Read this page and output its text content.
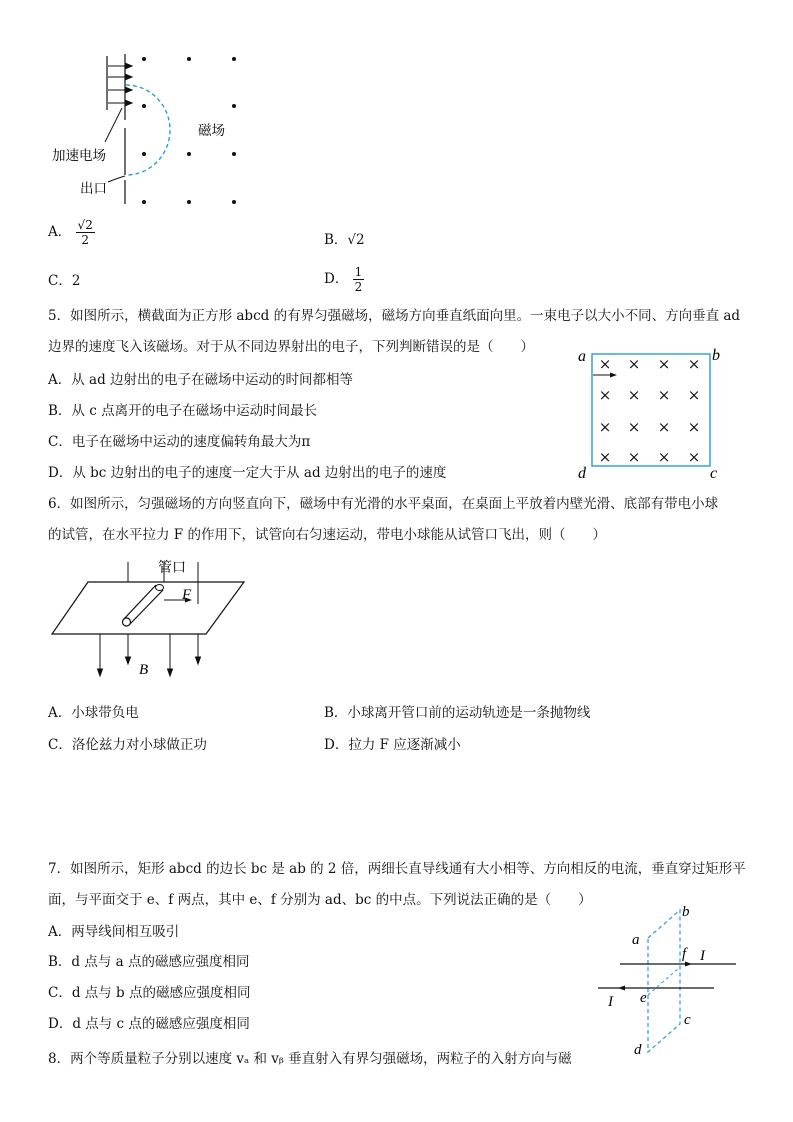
加速电场
出口
磁场
A． $\frac{√2}{2}$	B．√2
C．2	D． $\frac{1}{2}$
5．如图所示，横截面为正方形 abcd 的有界匀强磁场，磁场方向垂直纸面向里。一束电子以大小不同、方向垂直 ad
边界的速度飞入该磁场。对于从不同边界射出的电子，下列判断错误的是（　　）
A．从 ad 边射出的电子在磁场中运动的时间都相等
B．从 c 点离开的电子在磁场中运动时间最长
C．电子在磁场中运动的速度偏转角最大为π
D．从 bc 边射出的电子的速度一定大于从 ad 边射出的电子的速度
× × × ×
× × × ×
× × × ×
× × × ×
a	b
c
d
6．如图所示，匀强磁场的方向竖直向下，磁场中有光滑的水平桌面，在桌面上平放着内壁光滑、底部有带电小球
的试管，在水平拉力 F 的作用下，试管向右匀速运动，带电小球能从试管口飞出，则（　　）
F
管口
B
A．小球带负电	B．小球离开管口前的运动轨迹是一条抛物线
C．洛伦兹力对小球做正功	D．拉力 F 应逐渐减小
7．如图所示，矩形 abcd 的边长 bc 是 ab 的 2 倍，两细长直导线通有大小相等、方向相反的电流，垂直穿过矩形平
面，与平面交于 e、f 两点，其中 e、f 分别为 ad、bc 的中点。下列说法正确的是（　　）
A．两导线间相互吸引
B．d 点与 a 点的磁感应强度相同
C．d 点与 b 点的磁感应强度相同
D．d 点与 c 点的磁感应强度相同
a
b
c
d
e
f I
I
8．两个等质量粒子分别以速度 vₐ 和 vᵦ 垂直射入有界匀强磁场，两粒子的入射方向与磁
